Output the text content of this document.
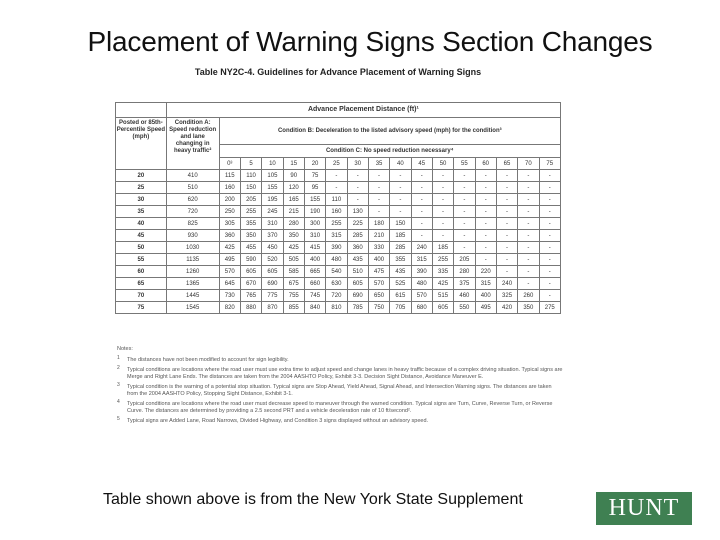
Placement of Warning Signs Section Changes
Table NY2C-4. Guidelines for Advance Placement of Warning Signs
	Advance Placement Distance (ft)¹																
Posted or 85th-Percentile Speed (mph)	Condition A: Speed reduction and lane changing in heavy traffic²	Condition B: Deceleration to the listed advisory speed (mph) for the condition³															
		Condition C: No speed reduction necessary⁴															
		0³	5	10	15	20	25	30	35	40	45	50	55	60	65	70	75
20	410	115	110	105	90	75	-	-	-	-	-	-	-	-	-	-	-
25	510	160	150	155	120	95	-	-	-	-	-	-	-	-	-	-	-
30	620	200	205	195	165	155	110	-	-	-	-	-	-	-	-	-	-
35	720	250	255	245	215	190	160	130	-	-	-	-	-	-	-	-	-
40	825	305	355	310	280	300	255	225	180	150	-	-	-	-	-	-	-
45	930	360	350	370	350	310	315	285	210	185	-	-	-	-	-	-	-
50	1030	425	455	450	425	415	390	360	330	285	240	185	-	-	-	-	-
55	1135	495	590	520	505	400	480	435	400	355	315	255	205	-	-	-	-
60	1260	570	605	605	585	665	540	510	475	435	390	335	280	220	-	-	-
65	1365	645	670	690	675	660	630	605	570	525	480	425	375	315	240	-	-
70	1445	730	765	775	755	745	720	690	650	615	570	515	460	400	325	260	-
75	1545	820	880	870	855	840	810	785	750	705	680	605	550	495	420	350	275
Notes:
1 The distances have not been modified to account for sign legibility.
2 Typical conditions are locations where the road user must use extra time to adjust speed and change lanes in heavy traffic because of a complex driving situation. Typical signs are Merge and Right Lane Ends. The distances are taken from the 2004 AASHTO Policy, Exhibit 3-3. Decision Sight Distance, Avoidance Maneuver E.
3 Typical condition is the warning of a potential stop situation. Typical signs are Stop Ahead, Yield Ahead, Signal Ahead, and Intersection Warning signs. The distances are taken from the 2004 AASHTO Policy, Stopping Sight Distance, Exhibit 3-1.
4 Typical conditions are locations where the road user must decrease speed to maneuver through the warned condition. Typical signs are Turn, Curve, Reverse Turn, or Reverse Curve. The distances are determined by providing a 2.5 second PRT and a vehicle deceleration rate of 10 ft/second².
5 Typical signs are Added Lane, Road Narrows, Divided Highway, and Condition 3 signs displayed without an advisory speed.
Table shown above is from the New York State Supplement	HUNT
